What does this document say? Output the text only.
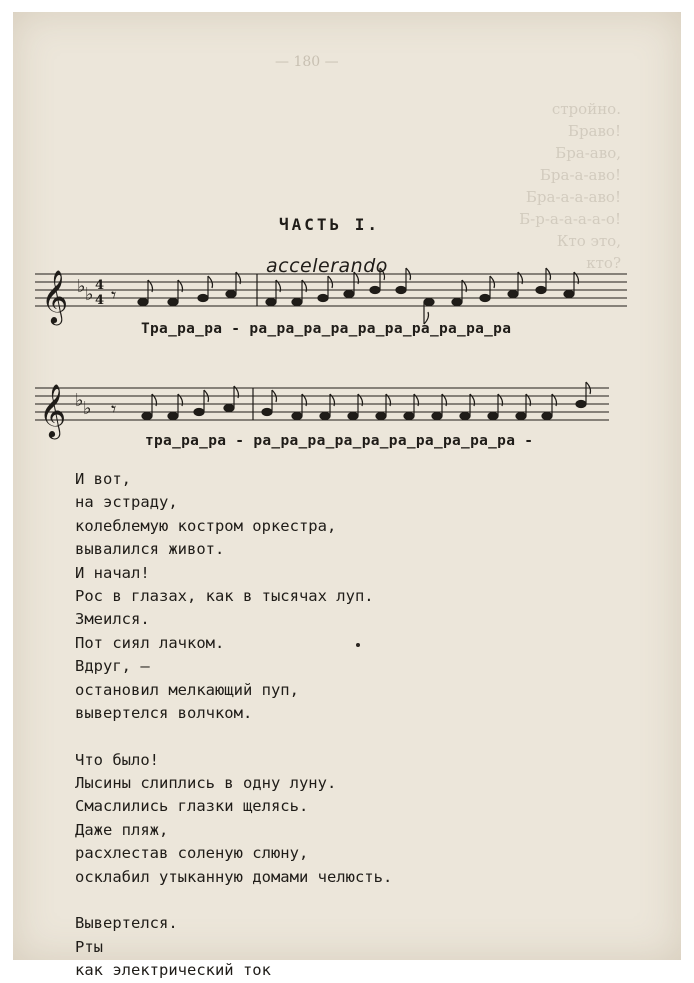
— 180 —
стройно.
Браво!
Бра-аво,
Бра-а-аво!
Бра-а-а-аво!
Б-р-а-а-а-а-о!
Кто это,
кто?
ЧАСТЬ I.
accelerando
𝄞 ♭ ♭ 4
4 𝄾
Тра_ра_ра - ра_ра_ра_ра_ра_ра_ра_ра_ра_ра
𝄞 ♭ ♭ 𝄾
тра_ра_ра - ра_ра_ра_ра_ра_ра_ра_ра_ра_ра -
И вот,
на эстраду,
колеблемую костром оркестра,
вывалился живот.
И начал!
Рос в глазах, как в тысячах луп.
Змеился.
Пот сиял лачком.
Вдруг, —
остановил мелкающий пуп,
вывертелся волчком.
Что было!
Лысины слиплись в одну луну.
Смаслились глазки щелясь.
Даже пляж,
расхлестав соленую слюну,
осклабил утыканную домами челюсть.
Вывертелся.
Рты
как электрический ток
